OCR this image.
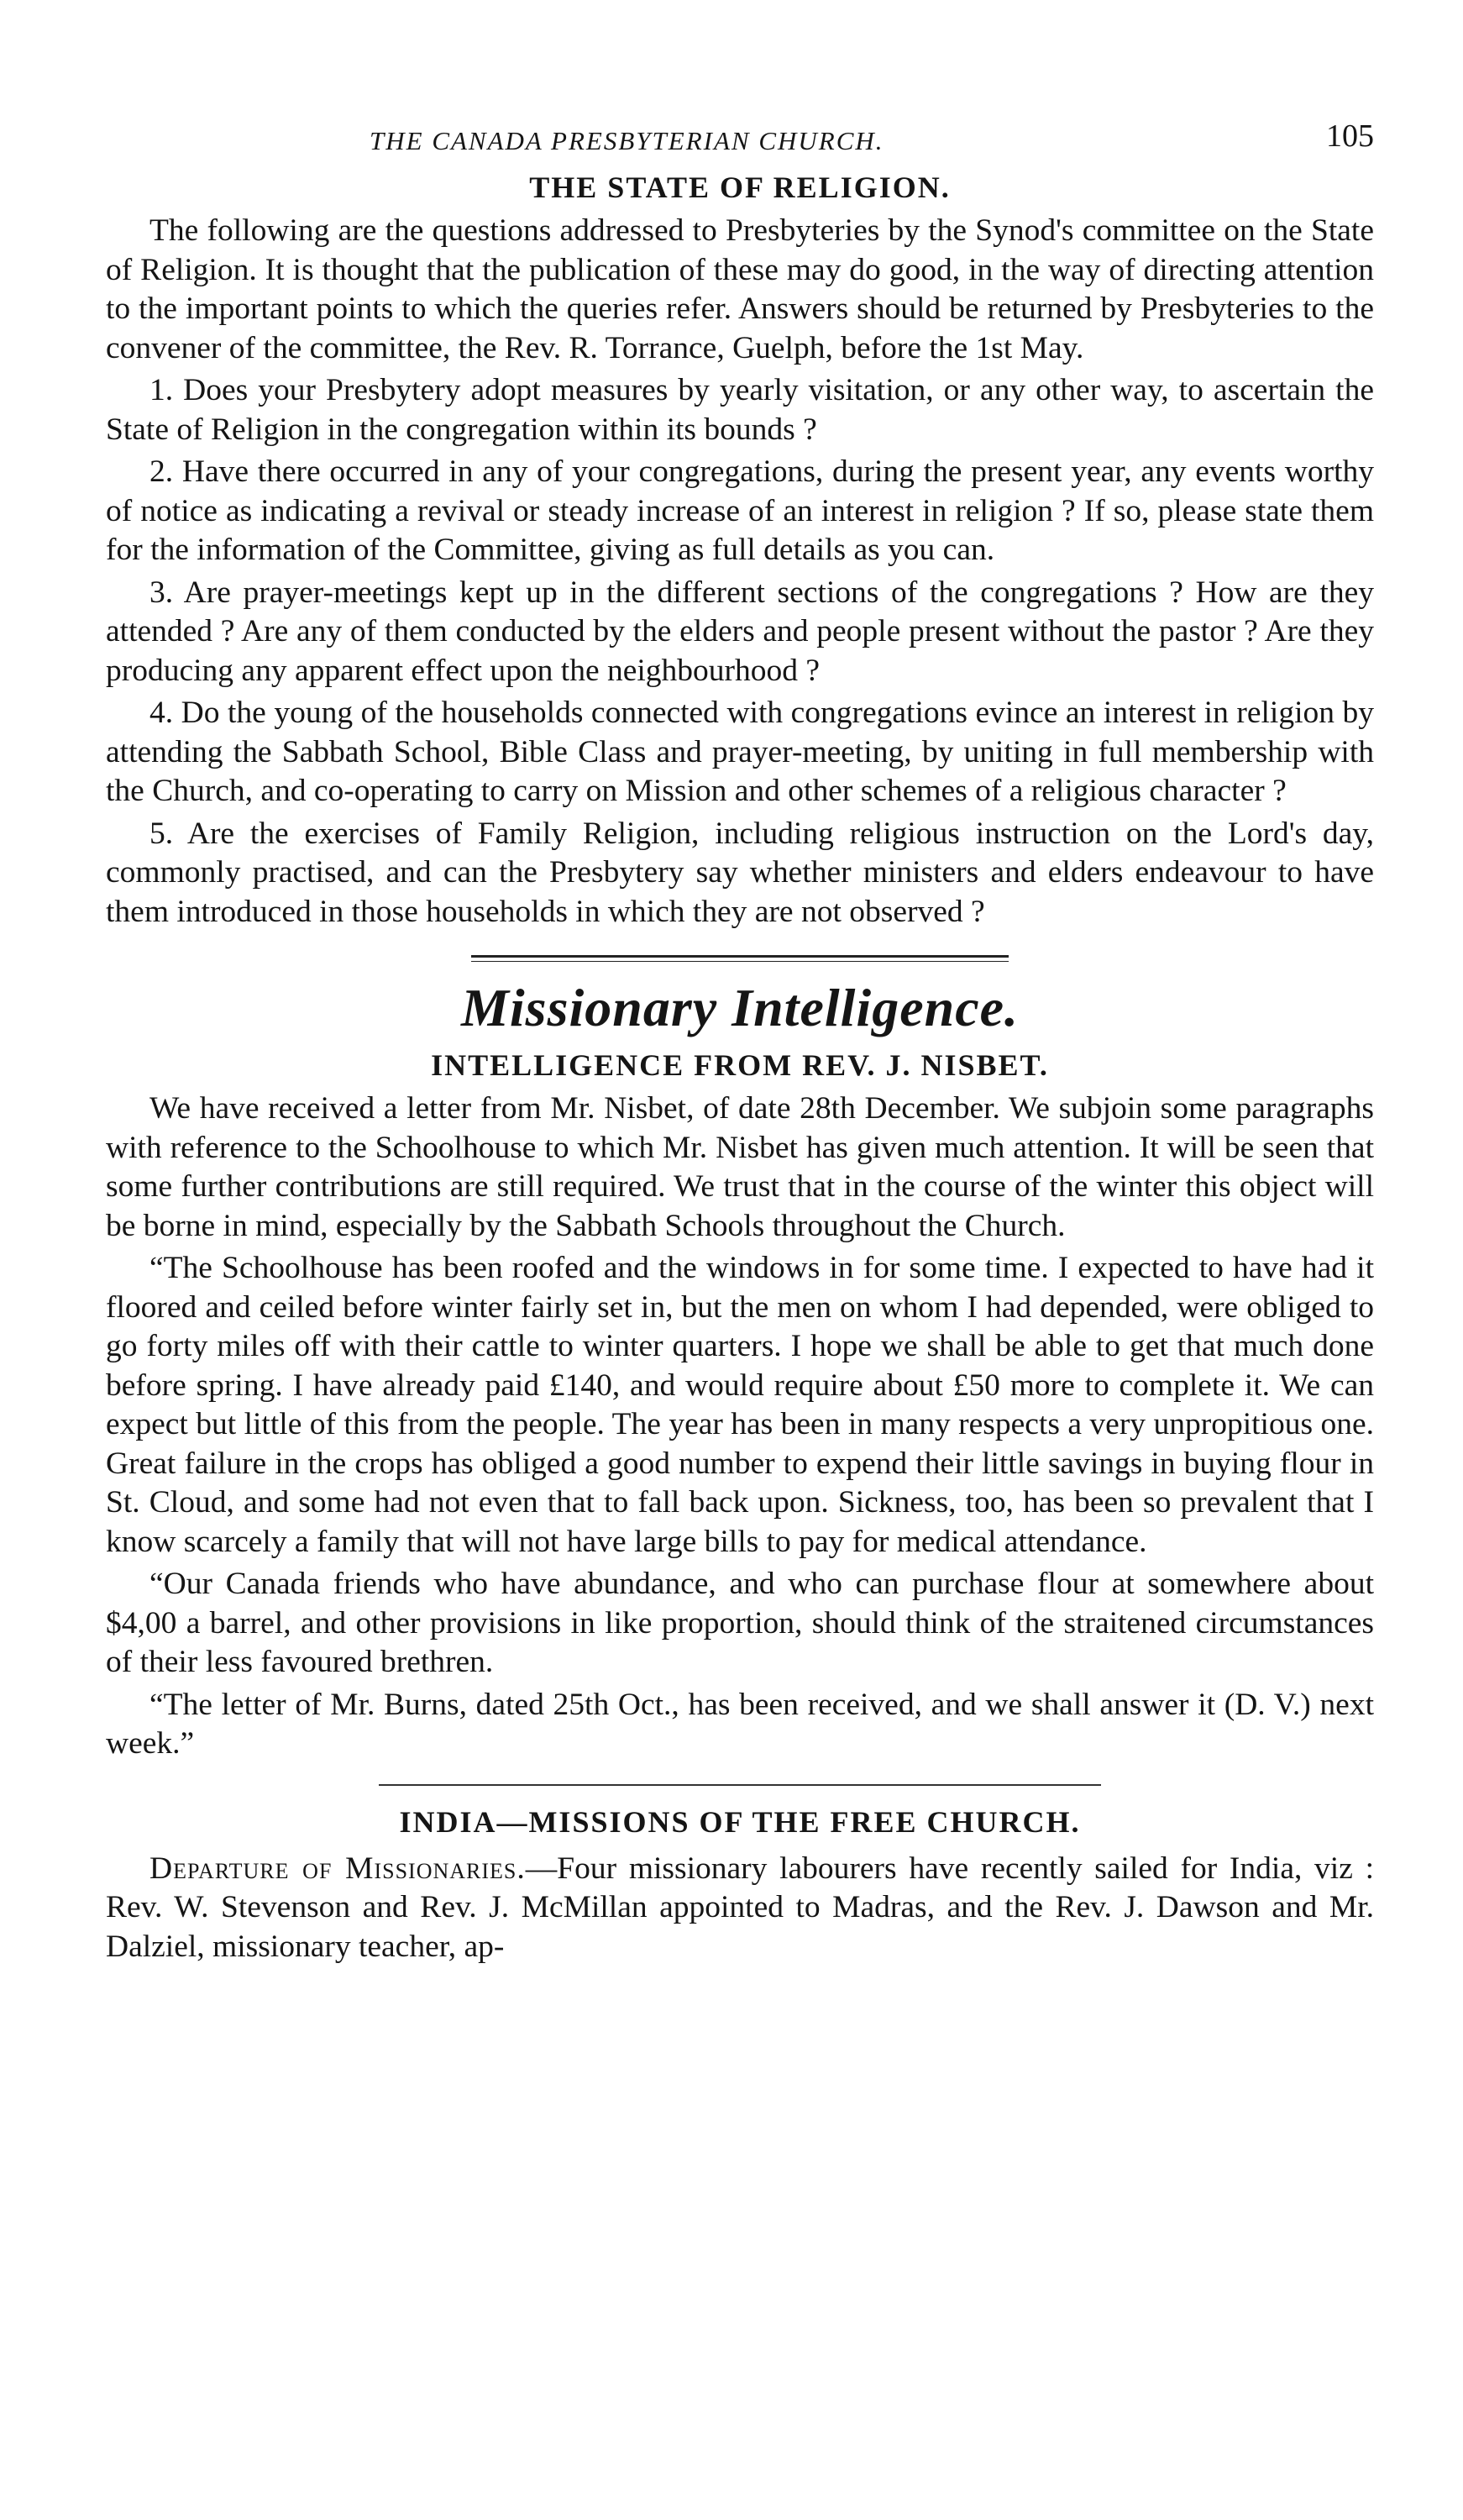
THE CANADA PRESBYTERIAN CHURCH.	105
THE STATE OF RELIGION.

The following are the questions addressed to Presbyteries by the Synod's committee on the State of Religion. It is thought that the publication of these may do good, in the way of directing attention to the important points to which the queries refer. Answers should be returned by Presbyteries to the convener of the committee, the Rev. R. Torrance, Guelph, before the 1st May.

1. Does your Presbytery adopt measures by yearly visitation, or any other way, to ascertain the State of Religion in the congregation within its bounds ?

2. Have there occurred in any of your congregations, during the present year, any events worthy of notice as indicating a revival or steady increase of an interest in religion ? If so, please state them for the information of the Committee, giving as full details as you can.

3. Are prayer-meetings kept up in the different sections of the congregations ? How are they attended ? Are any of them conducted by the elders and people present without the pastor ? Are they producing any apparent effect upon the neighbourhood ?

4. Do the young of the households connected with congregations evince an interest in religion by attending the Sabbath School, Bible Class and prayer-meeting, by uniting in full membership with the Church, and co-operating to carry on Mission and other schemes of a religious character ?

5. Are the exercises of Family Religion, including religious instruction on the Lord's day, commonly practised, and can the Presbytery say whether ministers and elders endeavour to have them introduced in those households in which they are not observed ?

Missionary Intelligence.
INTELLIGENCE FROM REV. J. NISBET.

We have received a letter from Mr. Nisbet, of date 28th December. We subjoin some paragraphs with reference to the Schoolhouse to which Mr. Nisbet has given much attention. It will be seen that some further contributions are still required. We trust that in the course of the winter this object will be borne in mind, especially by the Sabbath Schools throughout the Church.

“The Schoolhouse has been roofed and the windows in for some time. I expected to have had it floored and ceiled before winter fairly set in, but the men on whom I had depended, were obliged to go forty miles off with their cattle to winter quarters. I hope we shall be able to get that much done before spring. I have already paid £140, and would require about £50 more to complete it. We can expect but little of this from the people. The year has been in many respects a very unpropitious one. Great failure in the crops has obliged a good number to expend their little savings in buying flour in St. Cloud, and some had not even that to fall back upon. Sickness, too, has been so prevalent that I know scarcely a family that will not have large bills to pay for medical attendance.

“Our Canada friends who have abundance, and who can purchase flour at somewhere about $4,00 a barrel, and other provisions in like proportion, should think of the straitened circumstances of their less favoured brethren.

“The letter of Mr. Burns, dated 25th Oct., has been received, and we shall answer it (D. V.) next week.”

INDIA—MISSIONS OF THE FREE CHURCH.

Departure of Missionaries.—Four missionary labourers have recently sailed for India, viz : Rev. W. Stevenson and Rev. J. McMillan appointed to Madras, and the Rev. J. Dawson and Mr. Dalziel, missionary teacher, ap-
